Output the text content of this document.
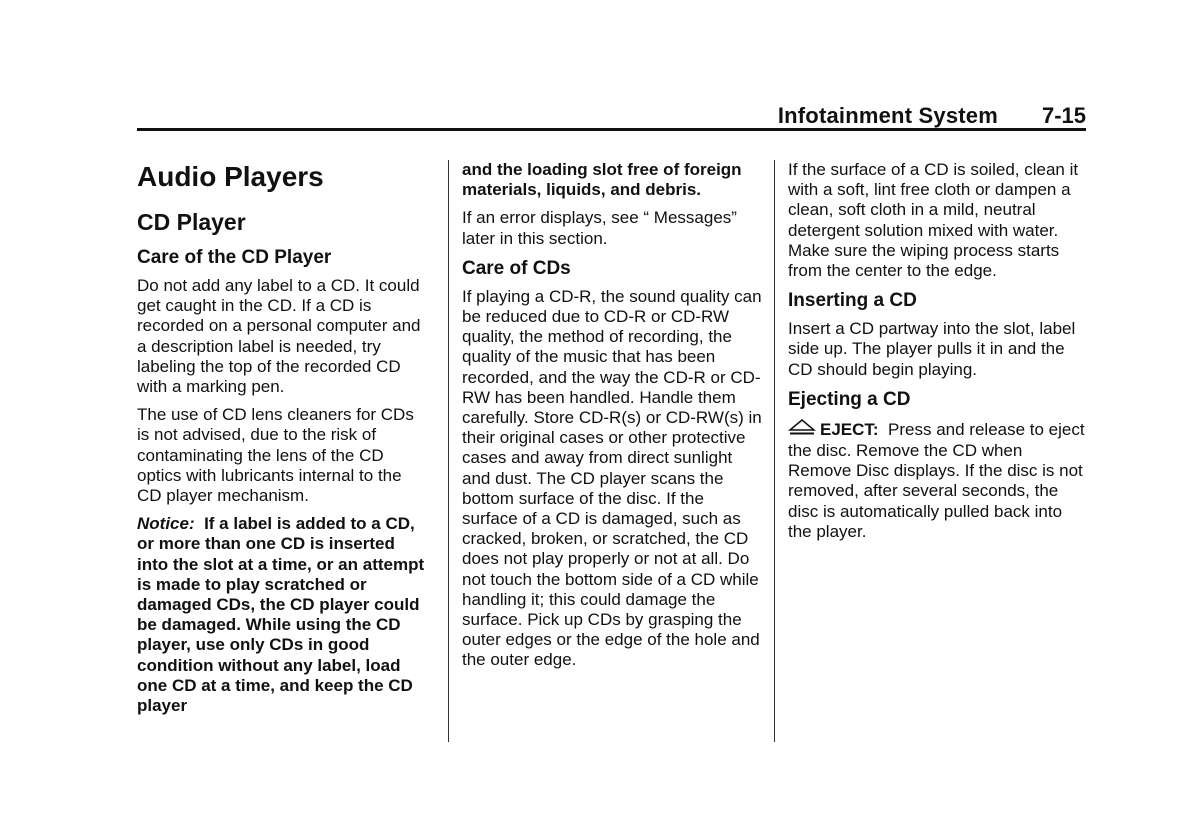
Infotainment System 7-15
Audio Players
CD Player
Care of the CD Player

Do not add any label to a CD. It could get caught in the CD. If a CD is recorded on a personal computer and a description label is needed, try labeling the top of the recorded CD with a marking pen.

The use of CD lens cleaners for CDs is not advised, due to the risk of contaminating the lens of the CD optics with lubricants internal to the CD player mechanism.

Notice: If a label is added to a CD, or more than one CD is inserted into the slot at a time, or an attempt is made to play scratched or damaged CDs, the CD player could be damaged. While using the CD player, use only CDs in good condition without any label, load one CD at a time, and keep the CD player

and the loading slot free of foreign materials, liquids, and debris.

If an error displays, see “ Messages” later in this section.

Care of CDs

If playing a CD-R, the sound quality can be reduced due to CD-R or CD-RW quality, the method of recording, the quality of the music that has been recorded, and the way the CD-R or CD-RW has been handled. Handle them carefully. Store CD-R(s) or CD-RW(s) in their original cases or other protective cases and away from direct sunlight and dust. The CD player scans the bottom surface of the disc. If the surface of a CD is damaged, such as cracked, broken, or scratched, the CD does not play properly or not at all. Do not touch the bottom side of a CD while handling it; this could damage the surface. Pick up CDs by grasping the outer edges or the edge of the hole and the outer edge.

If the surface of a CD is soiled, clean it with a soft, lint free cloth or dampen a clean, soft cloth in a mild, neutral detergent solution mixed with water. Make sure the wiping process starts from the center to the edge.

Inserting a CD

Insert a CD partway into the slot, label side up. The player pulls it in and the CD should begin playing.

Ejecting a CD

EJECT: Press and release to eject the disc. Remove the CD when Remove Disc displays. If the disc is not removed, after several seconds, the disc is automatically pulled back into the player.
